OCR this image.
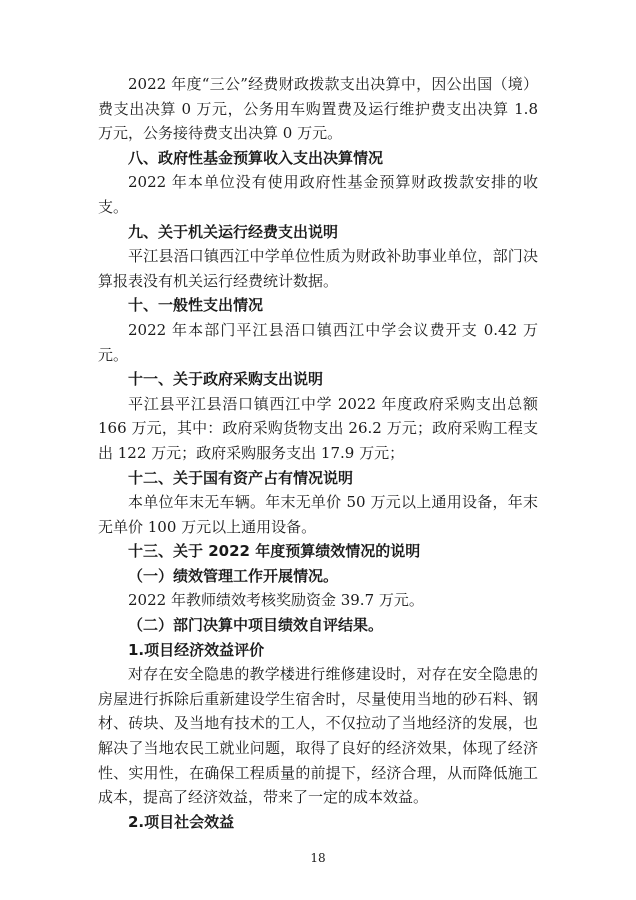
2022 年度“三公”经费财政拨款支出决算中，因公出国（境）费支出决算 0 万元，公务用车购置费及运行维护费支出决算 1.8 万元，公务接待费支出决算 0 万元。

八、政府性基金预算收入支出决算情况

2022 年本单位没有使用政府性基金预算财政拨款安排的收支。

九、关于机关运行经费支出说明

平江县浯口镇西江中学单位性质为财政补助事业单位，部门决算报表没有机关运行经费统计数据。

十、一般性支出情况

2022 年本部门平江县浯口镇西江中学会议费开支 0.42 万元。

十一、关于政府采购支出说明

平江县平江县浯口镇西江中学 2022 年度政府采购支出总额 166 万元，其中：政府采购货物支出 26.2 万元；政府采购工程支出 122 万元；政府采购服务支出 17.9 万元；

十二、关于国有资产占有情况说明

本单位年末无车辆。年末无单价 50 万元以上通用设备，年末无单价 100 万元以上通用设备。

十三、关于 2022 年度预算绩效情况的说明

（一）绩效管理工作开展情况。

2022 年教师绩效考核奖励资金 39.7 万元。

（二）部门决算中项目绩效自评结果。

1.项目经济效益评价

对存在安全隐患的教学楼进行维修建设时，对存在安全隐患的房屋进行拆除后重新建设学生宿舍时，尽量使用当地的砂石料、钢材、砖块、及当地有技术的工人，不仅拉动了当地经济的发展，也解决了当地农民工就业问题，取得了良好的经济效果，体现了经济性、实用性，在确保工程质量的前提下，经济合理，从而降低施工成本，提高了经济效益，带来了一定的成本效益。

2.项目社会效益

18
